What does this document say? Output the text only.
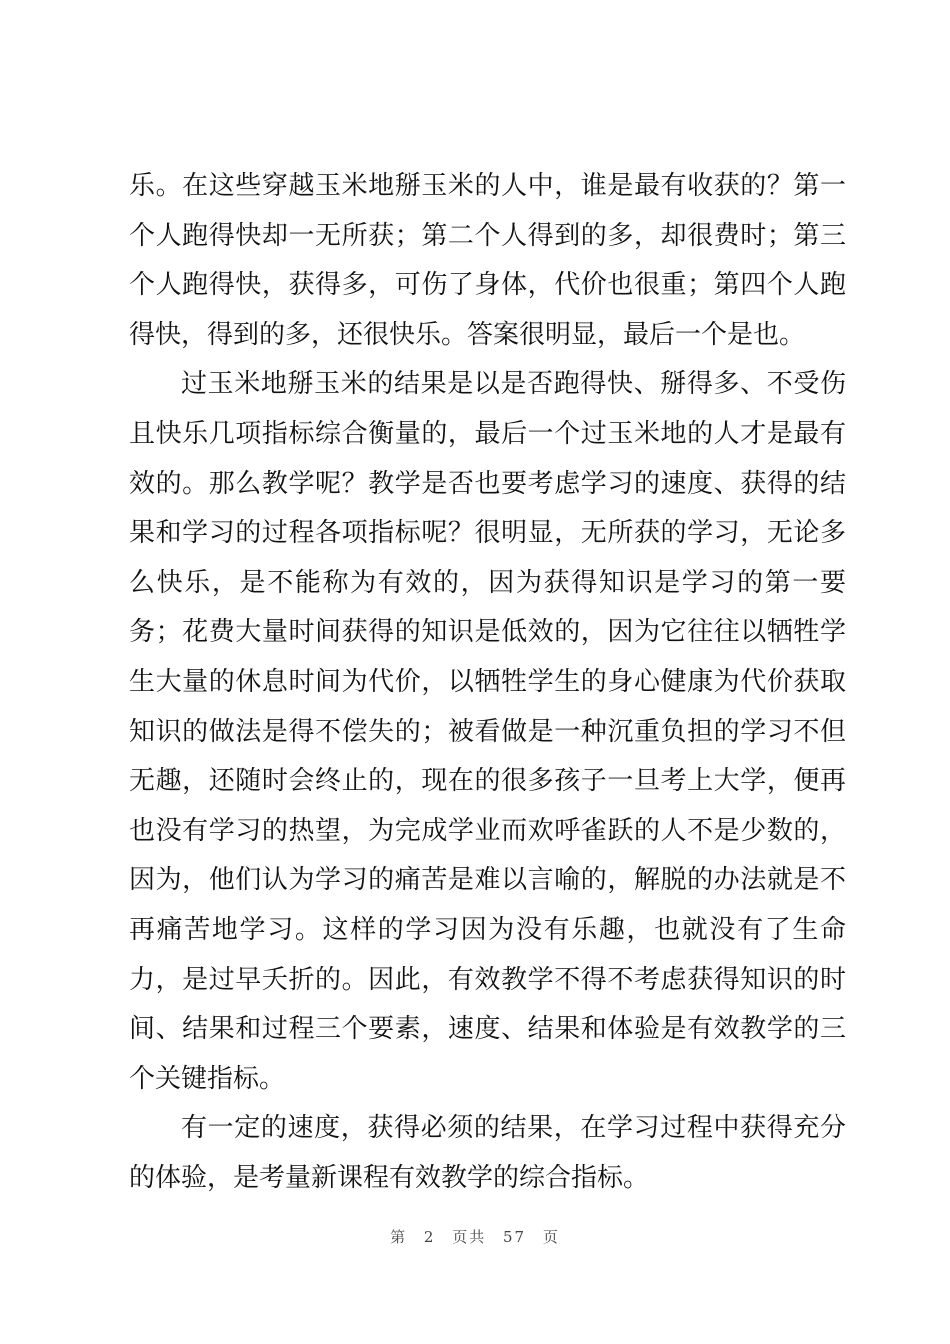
乐。在这些穿越玉米地掰玉米的人中，谁是最有收获的？第一个人跑得快却一无所获；第二个人得到的多，却很费时；第三个人跑得快，获得多，可伤了身体，代价也很重；第四个人跑得快，得到的多，还很快乐。答案很明显，最后一个是也。

过玉米地掰玉米的结果是以是否跑得快、掰得多、不受伤且快乐几项指标综合衡量的，最后一个过玉米地的人才是最有效的。那么教学呢？教学是否也要考虑学习的速度、获得的结果和学习的过程各项指标呢？很明显，无所获的学习，无论多么快乐，是不能称为有效的，因为获得知识是学习的第一要务；花费大量时间获得的知识是低效的，因为它往往以牺牲学生大量的休息时间为代价，以牺牲学生的身心健康为代价获取知识的做法是得不偿失的；被看做是一种沉重负担的学习不但无趣，还随时会终止的，现在的很多孩子一旦考上大学，便再也没有学习的热望，为完成学业而欢呼雀跃的人不是少数的，因为，他们认为学习的痛苦是难以言喻的，解脱的办法就是不再痛苦地学习。这样的学习因为没有乐趣，也就没有了生命力，是过早夭折的。因此，有效教学不得不考虑获得知识的时间、结果和过程三个要素，速度、结果和体验是有效教学的三个关键指标。

有一定的速度，获得必须的结果，在学习过程中获得充分的体验，是考量新课程有效教学的综合指标。

第 2 页共 57 页
